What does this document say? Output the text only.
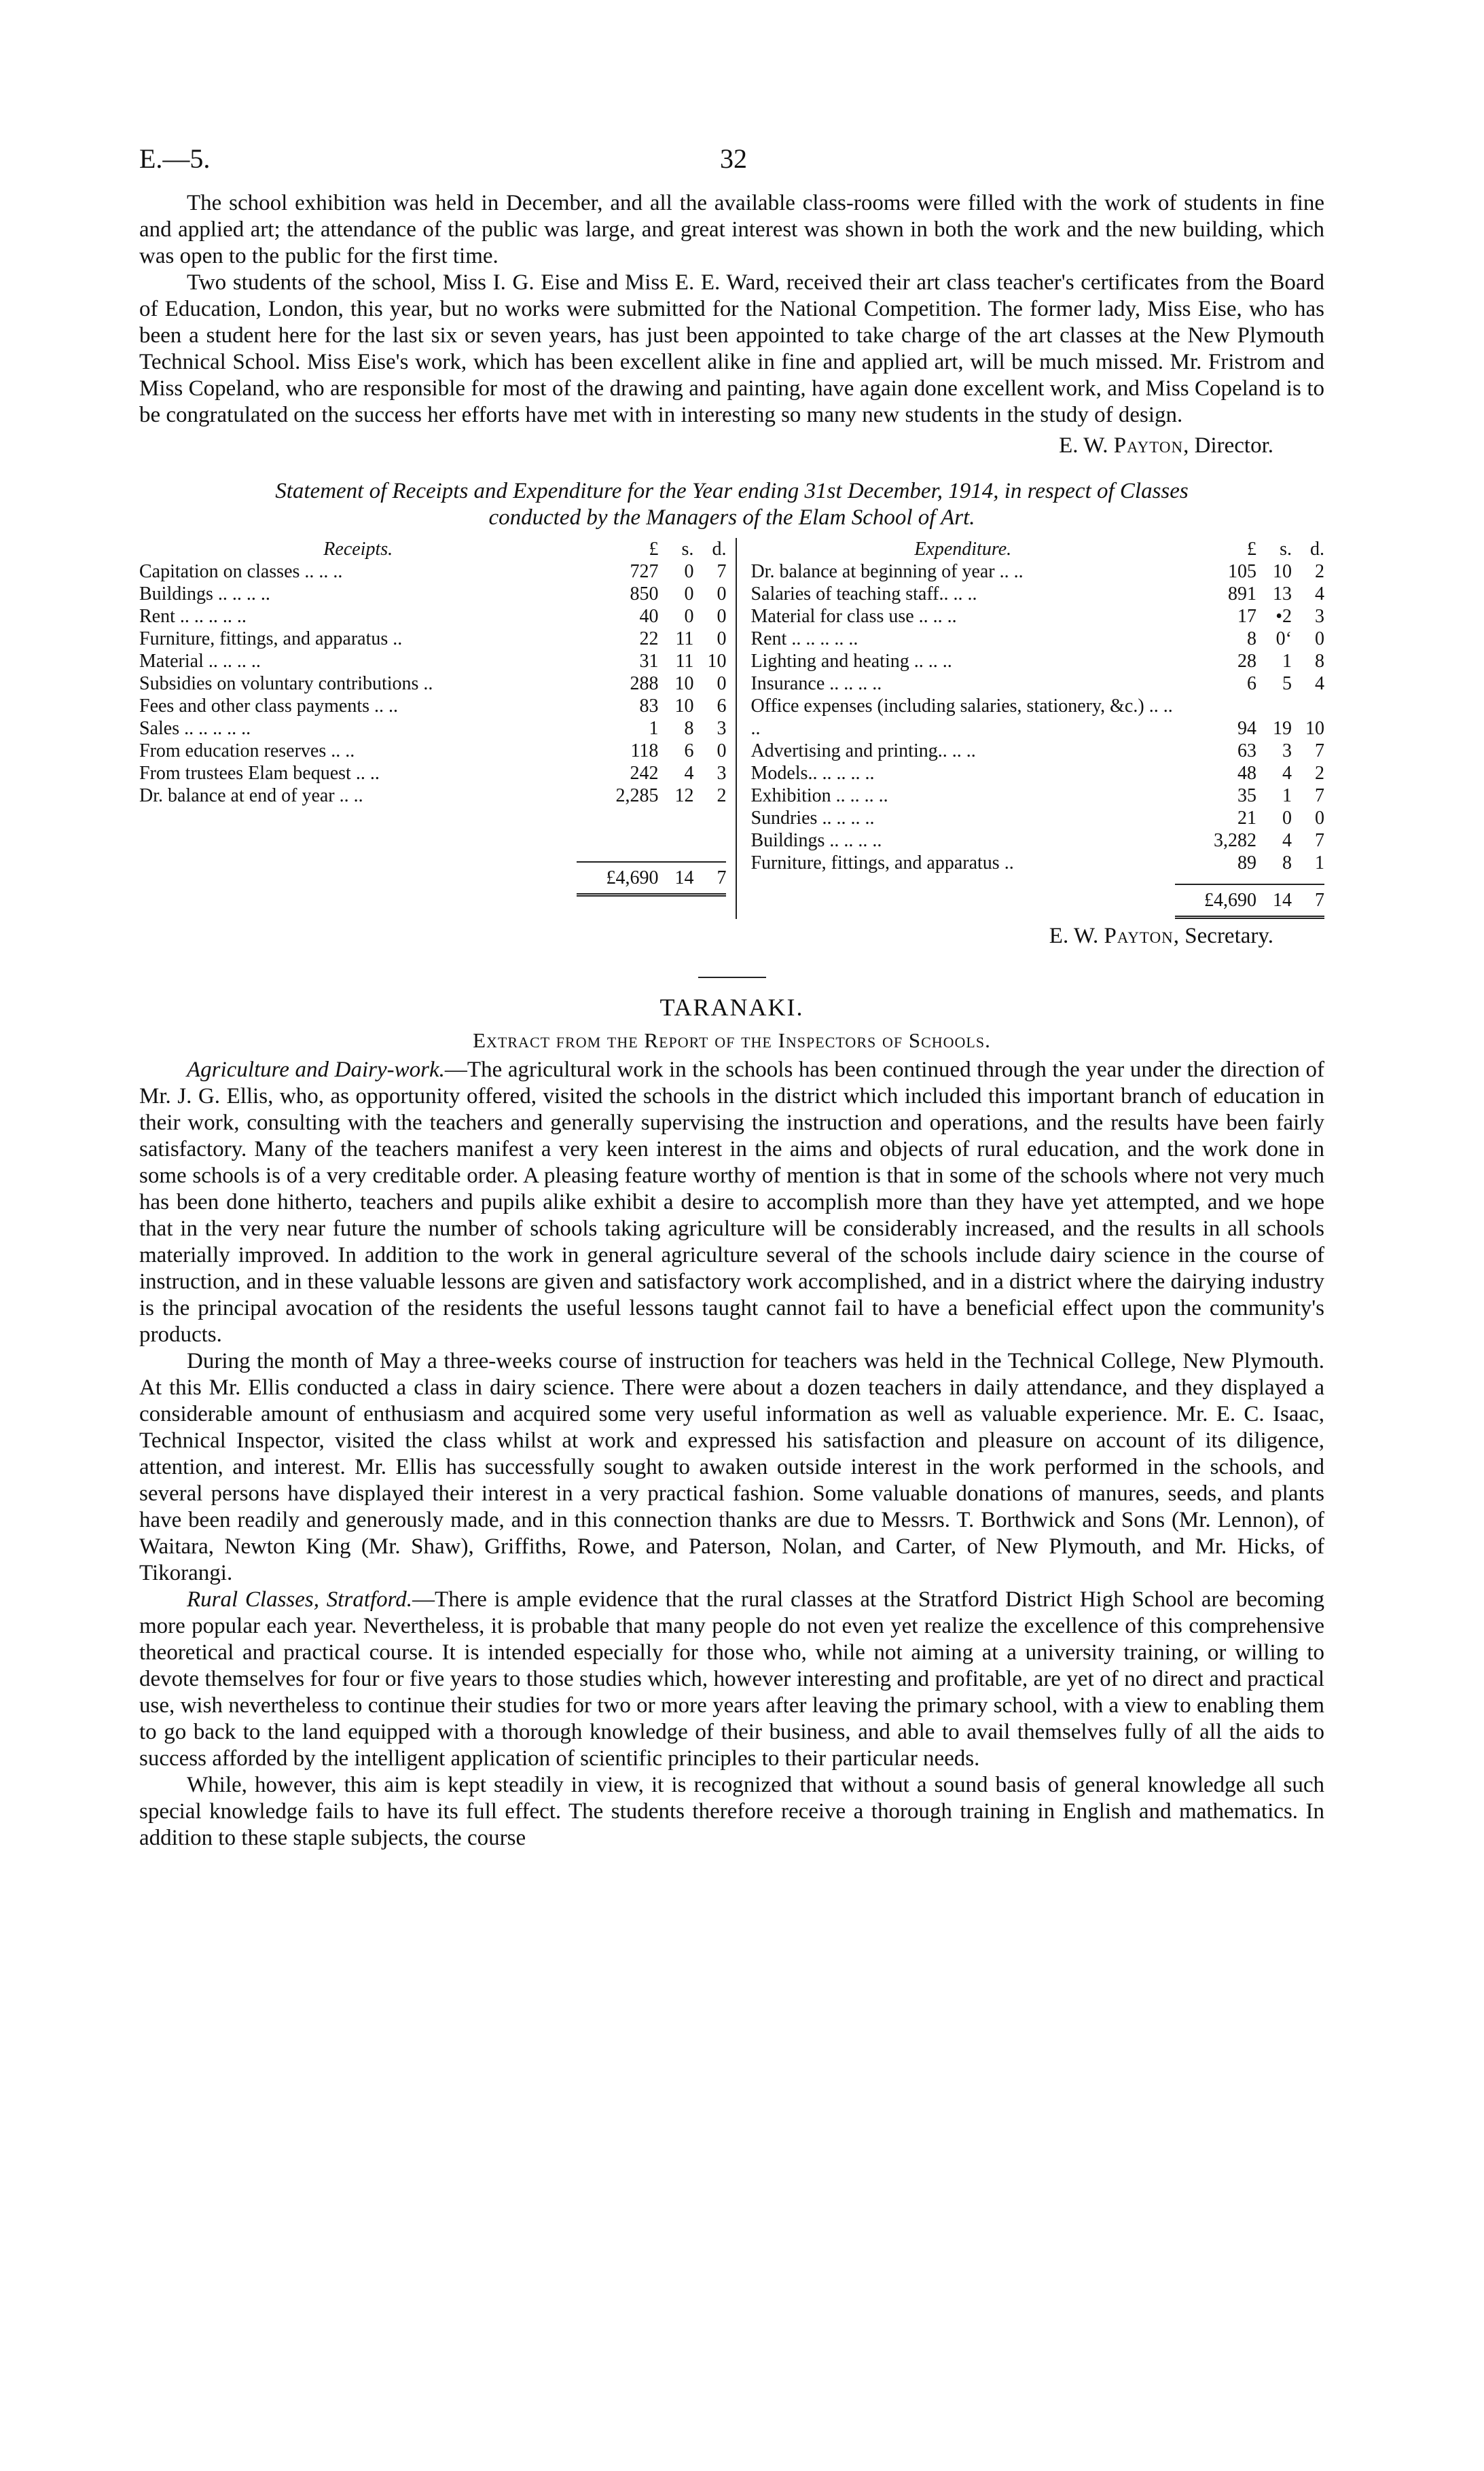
E.—5.	32

The school exhibition was held in December, and all the available class-rooms were filled with the work of students in fine and applied art; the attendance of the public was large, and great interest was shown in both the work and the new building, which was open to the public for the first time.

Two students of the school, Miss I. G. Eise and Miss E. E. Ward, received their art class teacher's certificates from the Board of Education, London, this year, but no works were submitted for the National Competition. The former lady, Miss Eise, who has been a student here for the last six or seven years, has just been appointed to take charge of the art classes at the New Plymouth Technical School. Miss Eise's work, which has been excellent alike in fine and applied art, will be much missed. Mr. Fristrom and Miss Copeland, who are responsible for most of the drawing and painting, have again done excellent work, and Miss Copeland is to be congratulated on the success her efforts have met with in interesting so many new students in the study of design.

E. W. Payton, Director.
Statement of Receipts and Expenditure for the Year ending 31st December, 1914, in respect of Classes
conducted by the Managers of the Elam School of Art.
Receipts.	£	s. d.
Capitation on classes .. .. ..	727	0	7
Buildings .. .. .. ..	850	0	0
Rent .. .. .. .. ..	40	0	0
Furniture, fittings, and apparatus ..	22 11	0
Material .. .. .. ..	31 11 10
Subsidies on voluntary contributions ..	288 10	0
Fees and other class payments .. ..	83 10	6
Sales .. .. .. .. ..	1	8	3
From education reserves .. ..	118	6	0
From trustees Elam bequest .. ..	242	4	3
Dr. balance at end of year .. ..	2,285 12	2
£4,690 14	7
Expenditure.	£	s. d.
Dr. balance at beginning of year .. ..	105 10	2
Salaries of teaching staff.. .. ..	891 13	4
Material for class use .. .. ..	17	•2	3
Rent .. .. .. .. ..	8	0ʻ	0
Lighting and heating .. .. ..	28	1	8
Insurance .. .. .. ..	6	5	4
Office expenses (including salaries, stationery, &c.) .. .. ..	94 19 10
Advertising and printing.. .. ..	63	3	7
Models.. .. .. .. ..	48	4	2
Exhibition .. .. .. ..	35	1	7
Sundries .. .. .. ..	21	0	0
Buildings .. .. .. ..	3,282	4	7
Furniture, fittings, and apparatus ..	89	8	1
£4,690 14	7
E. W. Payton, Secretary.
TARANAKI.
Extract from the Report of the Inspectors of Schools.

Agriculture and Dairy-work.—The agricultural work in the schools has been continued through the year under the direction of Mr. J. G. Ellis, who, as opportunity offered, visited the schools in the district which included this important branch of education in their work, consulting with the teachers and generally supervising the instruction and operations, and the results have been fairly satisfactory. Many of the teachers manifest a very keen interest in the aims and objects of rural education, and the work done in some schools is of a very creditable order. A pleasing feature worthy of mention is that in some of the schools where not very much has been done hitherto, teachers and pupils alike exhibit a desire to accomplish more than they have yet attempted, and we hope that in the very near future the number of schools taking agriculture will be considerably increased, and the results in all schools materially improved. In addition to the work in general agriculture several of the schools include dairy science in the course of instruction, and in these valuable lessons are given and satisfactory work accomplished, and in a district where the dairying industry is the principal avocation of the residents the useful lessons taught cannot fail to have a beneficial effect upon the community's products.

During the month of May a three-weeks course of instruction for teachers was held in the Technical College, New Plymouth. At this Mr. Ellis conducted a class in dairy science. There were about a dozen teachers in daily attendance, and they displayed a considerable amount of enthusiasm and acquired some very useful information as well as valuable experience. Mr. E. C. Isaac, Technical Inspector, visited the class whilst at work and expressed his satisfaction and pleasure on account of its diligence, attention, and interest. Mr. Ellis has successfully sought to awaken outside interest in the work performed in the schools, and several persons have displayed their interest in a very practical fashion. Some valuable donations of manures, seeds, and plants have been readily and generously made, and in this connection thanks are due to Messrs. T. Borthwick and Sons (Mr. Lennon), of Waitara, Newton King (Mr. Shaw), Griffiths, Rowe, and Paterson, Nolan, and Carter, of New Plymouth, and Mr. Hicks, of Tikorangi.

Rural Classes, Stratford.—There is ample evidence that the rural classes at the Stratford District High School are becoming more popular each year. Nevertheless, it is probable that many people do not even yet realize the excellence of this comprehensive theoretical and practical course. It is intended especially for those who, while not aiming at a university training, or willing to devote themselves for four or five years to those studies which, however interesting and profitable, are yet of no direct and practical use, wish nevertheless to continue their studies for two or more years after leaving the primary school, with a view to enabling them to go back to the land equipped with a thorough knowledge of their business, and able to avail themselves fully of all the aids to success afforded by the intelligent application of scientific principles to their particular needs.

While, however, this aim is kept steadily in view, it is recognized that without a sound basis of general knowledge all such special knowledge fails to have its full effect. The students therefore receive a thorough training in English and mathematics. In addition to these staple subjects, the course
